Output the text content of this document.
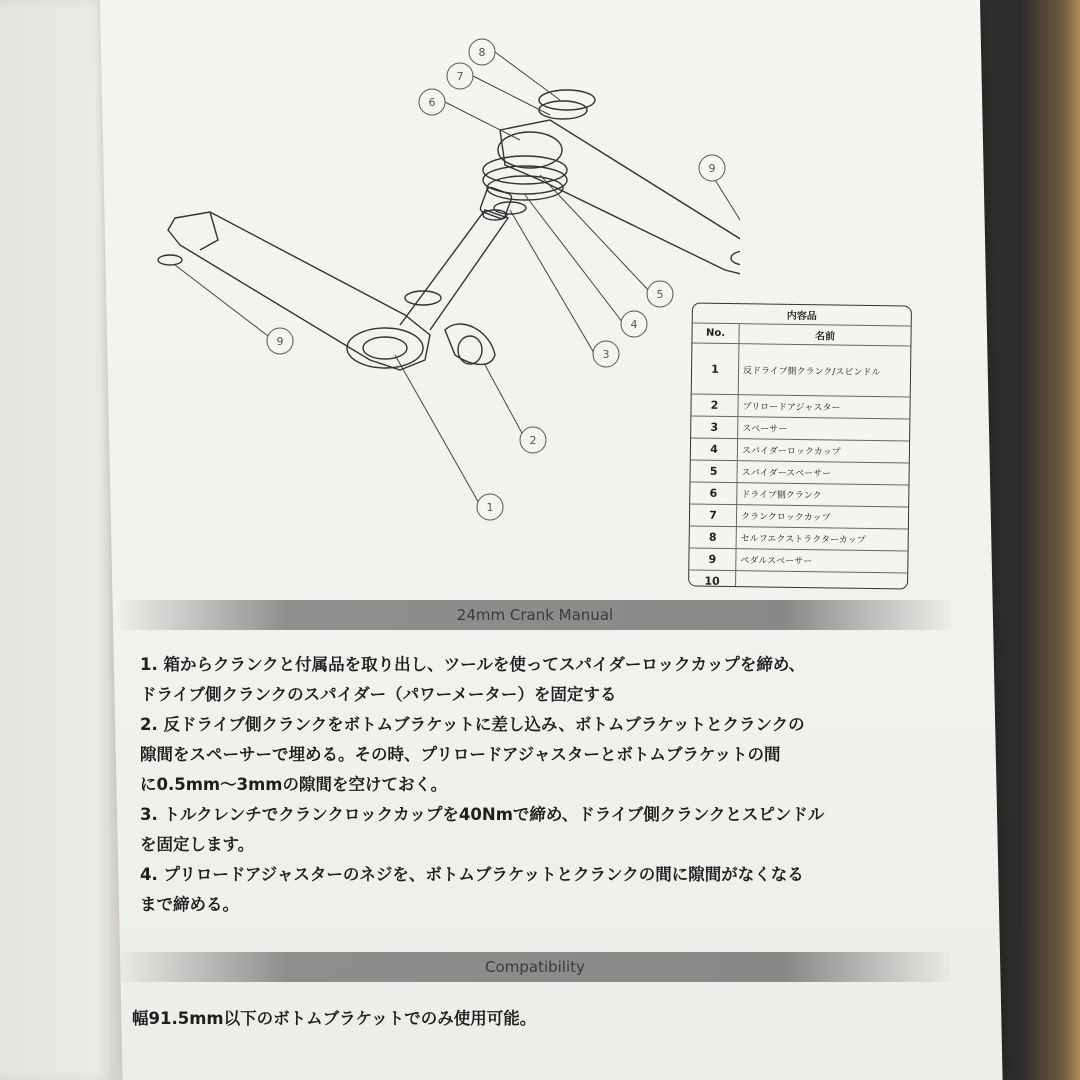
8
7
6
9
5
4
3
2
1
9
内容品	
No.	名前
1	反ドライブ側クランク/スピンドル
2	プリロードアジャスター
3	スペーサー
4	スパイダーロックカップ
5	スパイダースペーサー
6	ドライブ側クランク
7	クランクロックカップ
8	セルフエクストラクターカップ
9	ペダルスペーサー
10	
24mm Crank Manual
1. 箱からクランクと付属品を取り出し、ツールを使ってスパイダーロックカップを締め、
ドライブ側クランクのスパイダー（パワーメーター）を固定する
2. 反ドライブ側クランクをボトムブラケットに差し込み、ボトムブラケットとクランクの
隙間をスペーサーで埋める。その時、プリロードアジャスターとボトムブラケットの間
に0.5mm～3mmの隙間を空けておく。
3. トルクレンチでクランクロックカップを40Nmで締め、ドライブ側クランクとスピンドル
を固定します。
4. プリロードアジャスターのネジを、ボトムブラケットとクランクの間に隙間がなくなる
まで締める。
Compatibility
幅91.5mm以下のボトムブラケットでのみ使用可能。
